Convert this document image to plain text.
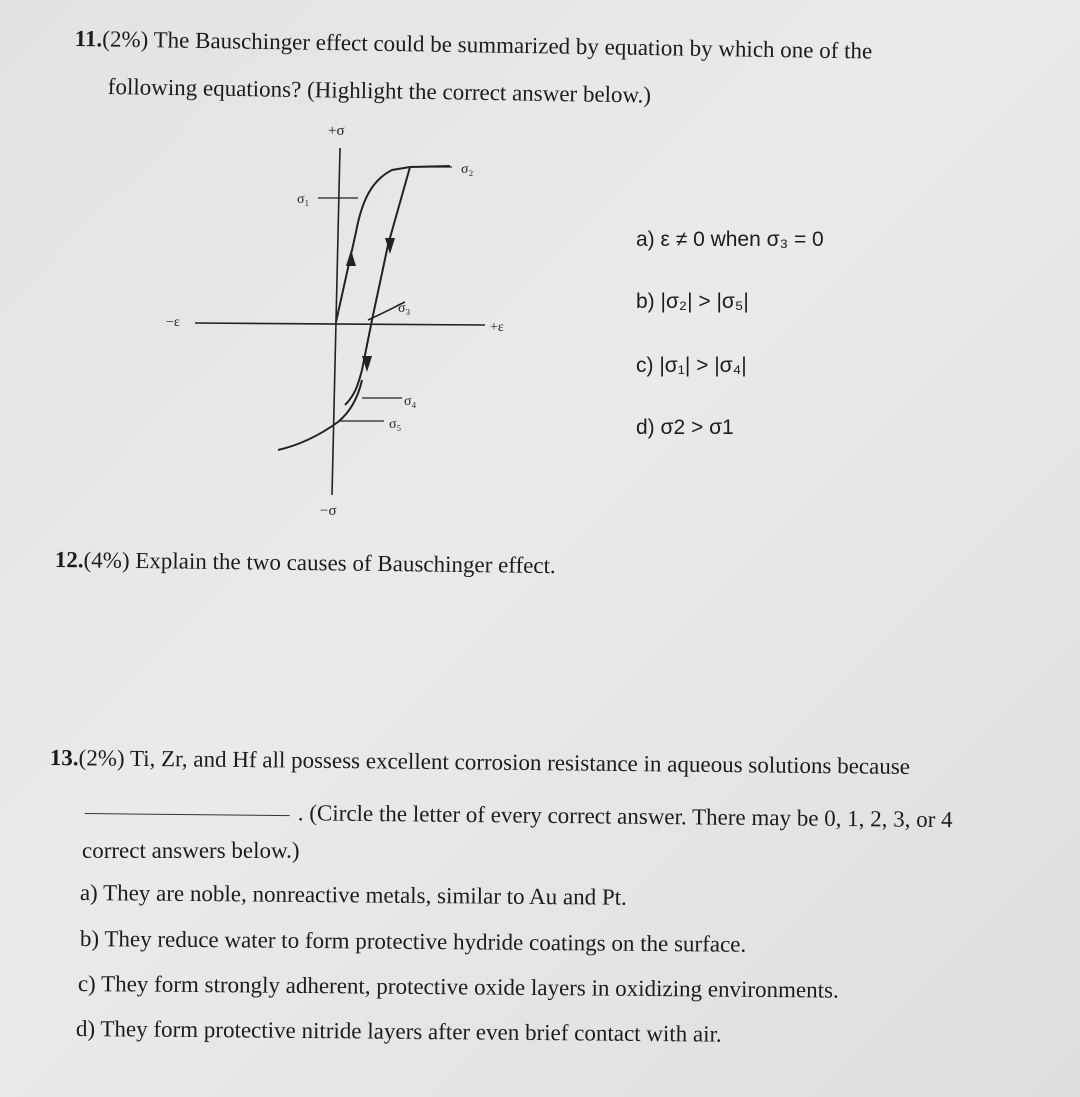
11.(2%) The Bauschinger effect could be summarized by equation by which one of the
following equations? (Highlight the correct answer below.)
+σ
−σ
−ε	+ε
σ₁
σ₂
σ₃
σ₄
σ₅
a) ε ≠ 0 when σ₃ = 0
b) |σ₂| > |σ₅|
c) |σ₁| > |σ₄|
d) σ2 > σ1
12.(4%) Explain the two causes of Bauschinger effect.
13.(2%) Ti, Zr, and Hf all possess excellent corrosion resistance in aqueous solutions because
. (Circle the letter of every correct answer. There may be 0, 1, 2, 3, or 4
correct answers below.)
a) They are noble, nonreactive metals, similar to Au and Pt.
b) They reduce water to form protective hydride coatings on the surface.
c) They form strongly adherent, protective oxide layers in oxidizing environments.
d) They form protective nitride layers after even brief contact with air.
